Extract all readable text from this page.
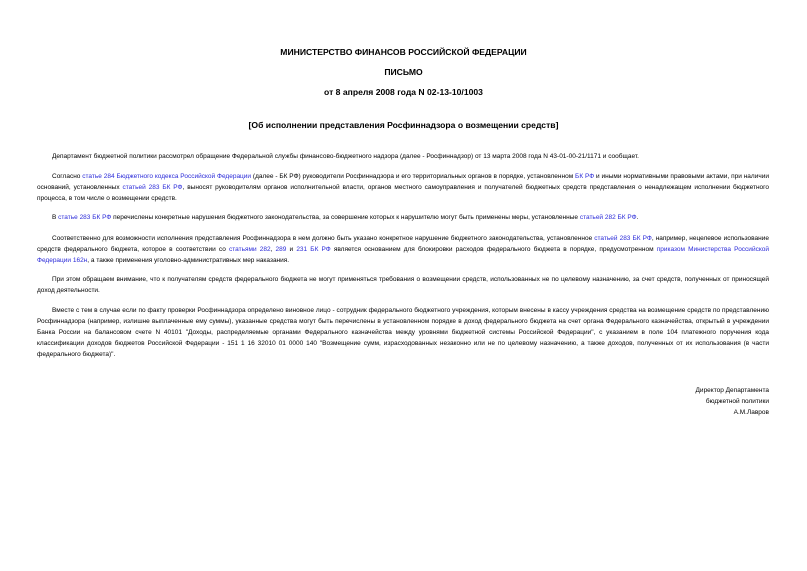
МИНИСТЕРСТВО ФИНАНСОВ РОССИЙСКОЙ ФЕДЕРАЦИИ
ПИСЬМО
от 8 апреля 2008 года N 02-13-10/1003
[Об исполнении представления Росфиннадзора о возмещении средств]
Департамент бюджетной политики рассмотрел обращение Федеральной службы финансово-бюджетного надзора (далее - Росфиннадзор) от 13 марта 2008 года N 43-01-00-21/1171 и сообщает.
Согласно статье 284 Бюджетного кодекса Российской Федерации (далее - БК РФ) руководители Росфиннадзора и его территориальных органов в порядке, установленном БК РФ и иными нормативными правовыми актами, при наличии оснований, установленных статьей 283 БК РФ, выносят руководителям органов исполнительной власти, органов местного самоуправления и получателей бюджетных средств представления о ненадлежащем исполнении бюджетного процесса, в том числе о возмещении средств.
В статье 283 БК РФ перечислены конкретные нарушения бюджетного законодательства, за совершение которых к нарушителю могут быть применены меры, установленные статьей 282 БК РФ.
Соответственно для возможности исполнения представления Росфиннадзора в нем должно быть указано конкретное нарушение бюджетного законодательства, установленное статьей 283 БК РФ, например, нецелевое использование средств федерального бюджета, которое в соответствии со статьями 282, 289 и 231 БК РФ является основанием для блокировки расходов федерального бюджета в порядке, предусмотренном приказом Министерства Российской Федерации 162н, а также применения уголовно-административных мер наказания.
При этом обращаем внимание, что к получателям средств федерального бюджета не могут применяться требования о возмещении средств, использованных не по целевому назначению, за счет средств, полученных от приносящей доход деятельности.
Вместе с тем в случае если по факту проверки Росфиннадзора определено виновное лицо - сотрудник федерального бюджетного учреждения, которым внесены в кассу учреждения средства на возмещение средств по представлению Росфиннадзора (например, излишне выплаченные ему суммы), указанные средства могут быть перечислены в установленном порядке в доход федерального бюджета на счет органа Федерального казначейства, открытый в учреждении Банка России на балансовом счете N 40101 "Доходы, распределяемые органами Федерального казначейства между уровнями бюджетной системы Российской Федерации", с указанием в поле 104 платежного поручения кода классификации доходов бюджетов Российской Федерации - 151 1 16 32010 01 0000 140 "Возмещение сумм, израсходованных незаконно или не по целевому назначению, а также доходов, полученных от их использования (в части федерального бюджета)".
Директор Департамента
бюджетной политики
А.М.Лавров
